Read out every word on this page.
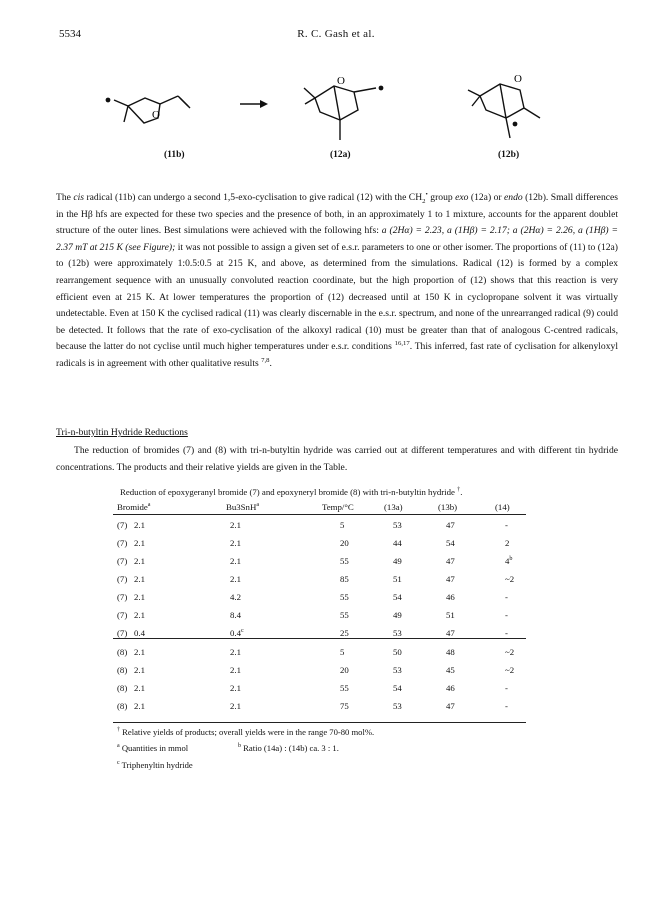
5534	R. C. Gash et al.
O
O	O
(11b)	(12a)	(12b)
The cis radical (11b) can undergo a second 1,5-exo-cyclisation to give radical (12) with the $CH_2^•$ group exo (12a) or endo (12b). Small differences in the Hβ hfs are expected for these two species and the presence of both, in an approximately 1 to 1 mixture, accounts for the apparent doublet structure of the outer lines. Best simulations were achieved with the following hfs: a (2Hα) = 2.23, a (1Hβ) = 2.17; a (2Hα) = 2.26, a (1Hβ) = 2.37 mT at 215 K (see Figure); it was not possible to assign a given set of e.s.r. parameters to one or other isomer. The proportions of (11) to (12a) to (12b) were approximately 1:0.5:0.5 at 215 K, and above, as determined from the simulations. Radical (12) is formed by a complex rearrangement sequence with an unusually convoluted reaction coordinate, but the high proportion of (12) shows that this reaction is very efficient even at 215 K. At lower temperatures the proportion of (12) decreased until at 150 K in cyclopropane solvent it was virtually undetectable. Even at 150 K the cyclised radical (11) was clearly discernable in the e.s.r. spectrum, and none of the unrearranged radical (9) could be detected. It follows that the rate of exo-cyclisation of the alkoxyl radical (10) must be greater than that of analogous C-centred radicals, because the latter do not cyclise until much higher temperatures under e.s.r. conditions $^{16,17}$. This inferred, fast rate of cyclisation for alkenyloxyl radicals is in agreement with other qualitative results $^{7,8}$.
Tri-n-butyltin Hydride Reductions
The reduction of bromides (7) and (8) with tri-n-butyltin hydride was carried out at different temperatures and with different tin hydride concentrations. The products and their relative yields are given in the Table.
Reduction of epoxygeranyl bromide (7) and epoxyneryl bromide (8) with tri-n-butyltin hydride †.
Bromide$^a$	Bu3SnH$^a$	Temp/°C	(13a)	(13b)	(14)
(7) 2.1	2.1	5	53	47	-
(7) 2.1	2.1	20	44	54	2
(7) 2.1	2.1	55	49	47	4$^b$
(7) 2.1	2.1	85	51	47	~2
(7) 2.1	4.2	55	54	46	-
(7) 2.1	8.4	55	49	51	-
(7) 0.4	0.4$^c$	25	53	47	-
(8) 2.1	2.1	5	50	48	~2
(8) 2.1	2.1	20	53	45	~2
(8) 2.1	2.1	55	54	46	-
(8) 2.1	2.1	75	53	47	-
† Relative yields of products; overall yields were in the range 70-80 mol%.
$^a$ Quantities in mmol	$^b$ Ratio (14a) : (14b) ca. 3 : 1.
$^c$ Triphenyltin hydride
